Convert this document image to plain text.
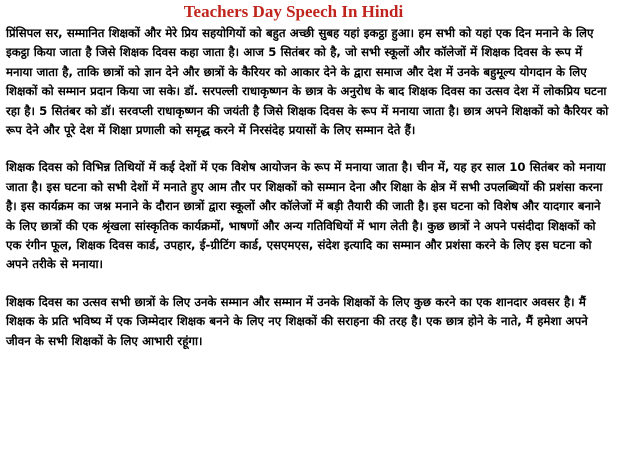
Teachers Day Speech In Hindi

प्रिंसिपल सर, सम्मानित शिक्षकों और मेरे प्रिय सहयोगियों को बहुत अच्छी सुबह यहां इकट्ठा हुआ। हम सभी को यहां एक दिन मनाने के लिए इकट्ठा किया जाता है जिसे शिक्षक दिवस कहा जाता है। आज 5 सितंबर को है, जो सभी स्कूलों और कॉलेजों में शिक्षक दिवस के रूप में मनाया जाता है, ताकि छात्रों को ज्ञान देने और छात्रों के कैरियर को आकार देने के द्वारा समाज और देश में उनके बहुमूल्य योगदान के लिए शिक्षकों को सम्मान प्रदान किया जा सके। डॉ. सरपल्ली राधाकृष्णन के छात्र के अनुरोध के बाद शिक्षक दिवस का उत्सव देश में लोकप्रिय घटना रहा है। 5 सितंबर को डॉ। सरवप्ली राधाकृष्णन की जयंती है जिसे शिक्षक दिवस के रूप में मनाया जाता है। छात्र अपने शिक्षकों को कैरियर को रूप देने और पूरे देश में शिक्षा प्रणाली को समृद्ध करने में निरसंदेह प्रयासों के लिए सम्मान देते हैं।

शिक्षक दिवस को विभिन्न तिथियों में कई देशों में एक विशेष आयोजन के रूप में मनाया जाता है। चीन में, यह हर साल 10 सितंबर को मनाया जाता है। इस घटना को सभी देशों में मनाते हुए आम तौर पर शिक्षकों को सम्मान देना और शिक्षा के क्षेत्र में सभी उपलब्धियों की प्रशंसा करना है। इस कार्यक्रम का जश्न मनाने के दौरान छात्रों द्वारा स्कूलों और कॉलेजों में बड़ी तैयारी की जाती है। इस घटना को विशेष और यादगार बनाने के लिए छात्रों की एक श्रृंखला सांस्कृतिक कार्यक्रमों, भाषणों और अन्य गतिविधियों में भाग लेती है। कुछ छात्रों ने अपने पसंदीदा शिक्षकों को एक रंगीन फूल, शिक्षक दिवस कार्ड, उपहार, ई-ग्रीटिंग कार्ड, एसएमएस, संदेश इत्यादि का सम्मान और प्रशंसा करने के लिए इस घटना को अपने तरीके से मनाया।

शिक्षक दिवस का उत्सव सभी छात्रों के लिए उनके सम्मान और सम्मान में उनके शिक्षकों के लिए कुछ करने का एक शानदार अवसर है। मैं शिक्षक के प्रति भविष्य में एक जिम्मेदार शिक्षक बनने के लिए नए शिक्षकों की सराहना की तरह है। एक छात्र होने के नाते, मैं हमेशा अपने जीवन के सभी शिक्षकों के लिए आभारी रहूंगा।
